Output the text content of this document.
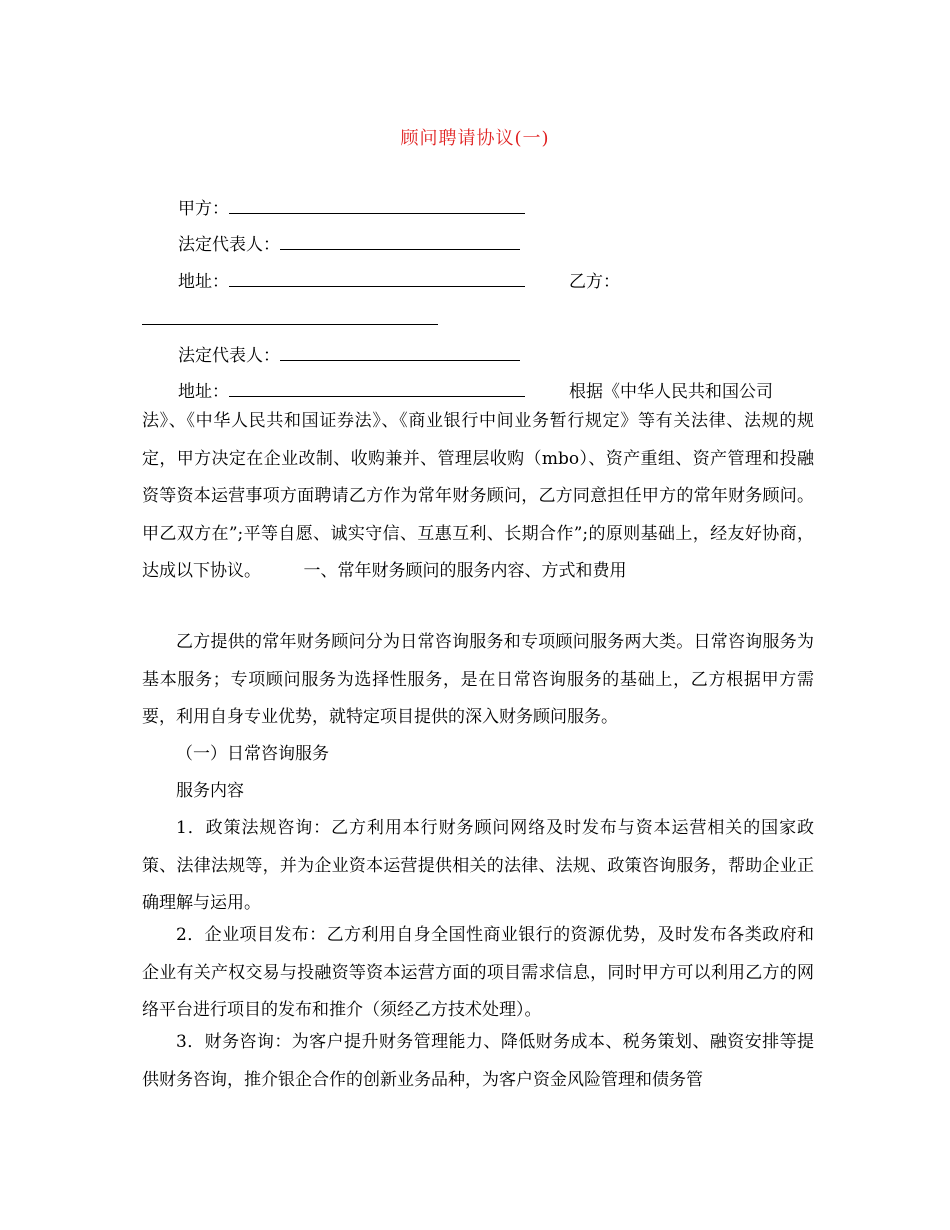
顾问聘请协议(一)
甲方：
法定代表人：
地址：	乙方：
法定代表人：
地址：	根据《中华人民共和国公司

法》、《中华人民共和国证券法》、《商业银行中间业务暂行规定》等有关法律、法规的规定，甲方决定在企业改制、收购兼并、管理层收购（mbo）、资产重组、资产管理和投融资等资本运营事项方面聘请乙方作为常年财务顾问，乙方同意担任甲方的常年财务顾问。甲乙双方在”;平等自愿、诚实守信、互惠互利、长期合作”;的原则基础上，经友好协商，达成以下协议。　　　一、常年财务顾问的服务内容、方式和费用

乙方提供的常年财务顾问分为日常咨询服务和专项顾问服务两大类。日常咨询服务为基本服务；专项顾问服务为选择性服务，是在日常咨询服务的基础上，乙方根据甲方需要，利用自身专业优势，就特定项目提供的深入财务顾问服务。

（一）日常咨询服务

服务内容

1．政策法规咨询：乙方利用本行财务顾问网络及时发布与资本运营相关的国家政策、法律法规等，并为企业资本运营提供相关的法律、法规、政策咨询服务，帮助企业正确理解与运用。

2．企业项目发布：乙方利用自身全国性商业银行的资源优势，及时发布各类政府和企业有关产权交易与投融资等资本运营方面的项目需求信息，同时甲方可以利用乙方的网络平台进行项目的发布和推介（须经乙方技术处理）。

3．财务咨询：为客户提升财务管理能力、降低财务成本、税务策划、融资安排等提供财务咨询，推介银企合作的创新业务品种，为客户资金风险管理和债务管
